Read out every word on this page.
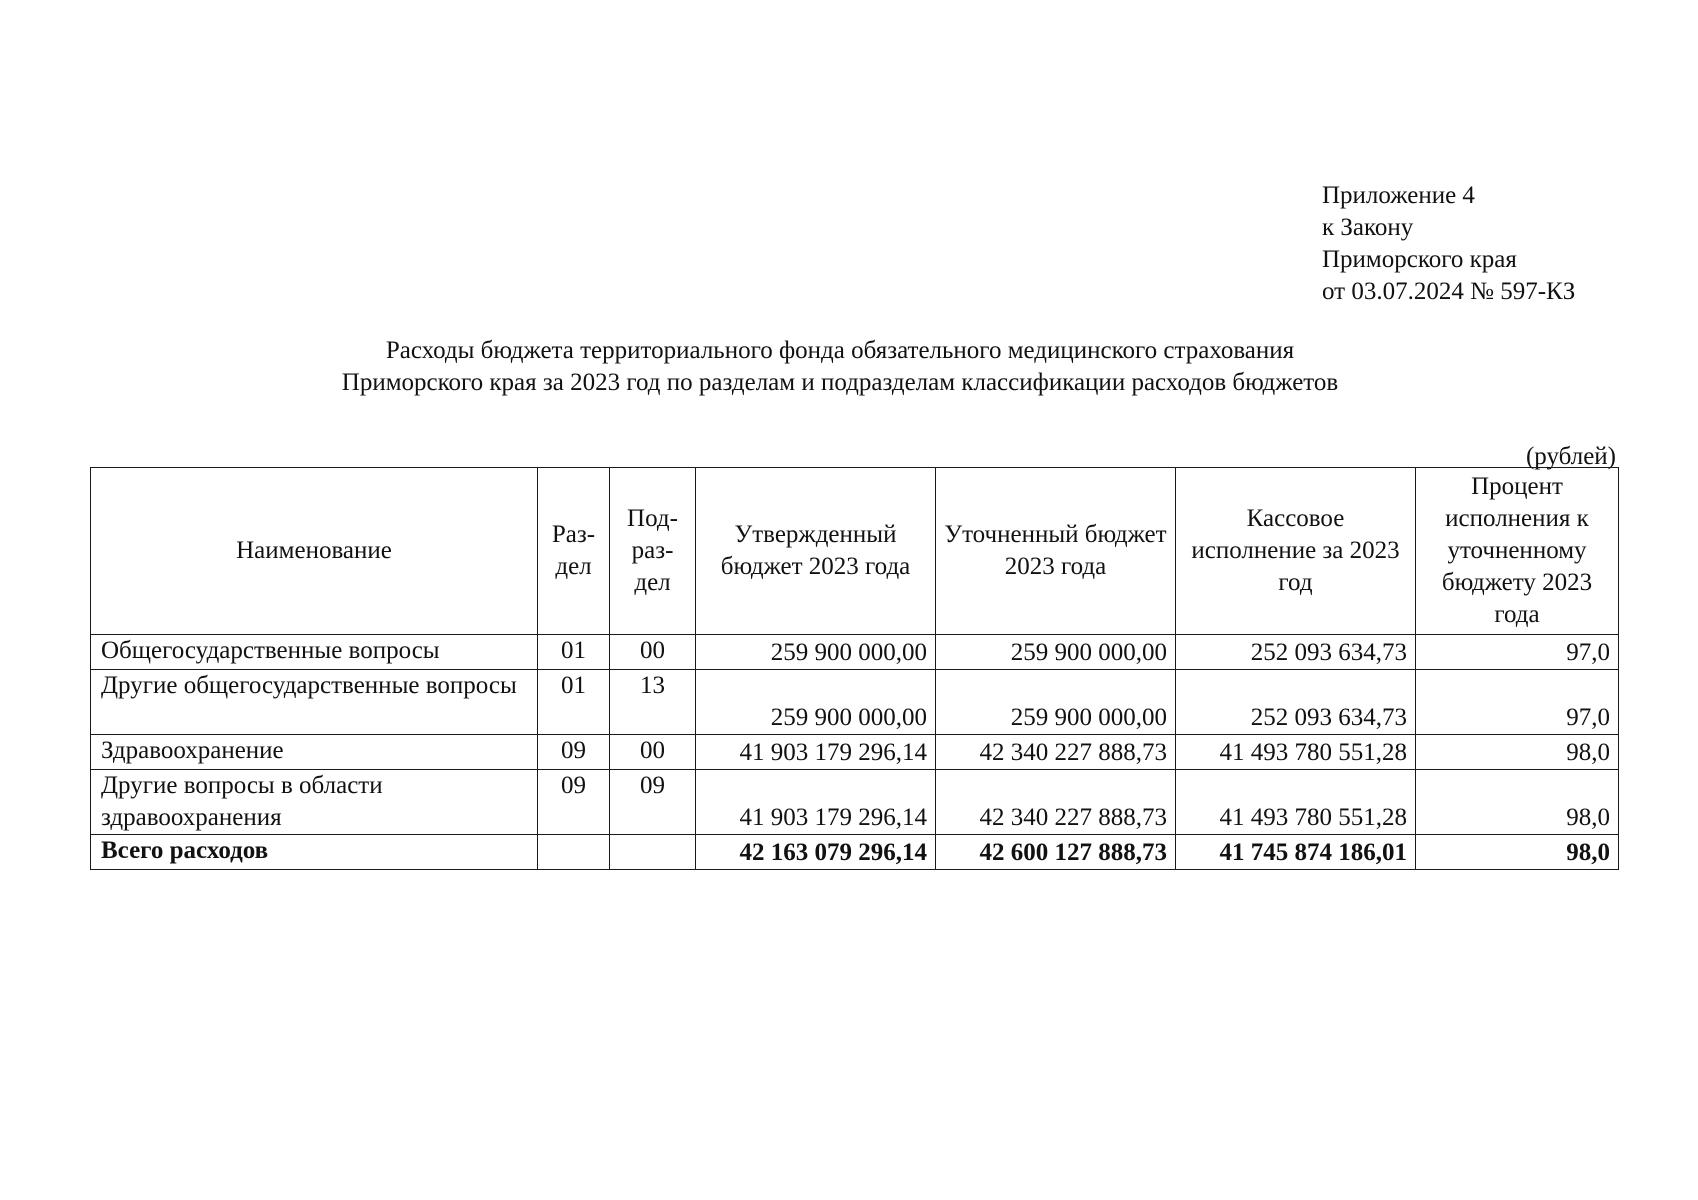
Приложение 4
к Закону
Приморского края
от 03.07.2024 № 597-КЗ
Расходы бюджета территориального фонда обязательного медицинского страхования
Приморского края за 2023 год по разделам и подразделам классификации расходов бюджетов
(рублей)
Наименование	Раз- дел	Под- раз- дел	Утвержденный бюджет 2023 года	Уточненный бюджет 2023 года	Кассовое исполнение за 2023 год	Процент исполнения к уточненному бюджету 2023 года
Общегосударственные вопросы	01	00	259 900 000,00	259 900 000,00	252 093 634,73	97,0
Другие общегосударственные вопросы	01	13	259 900 000,00	259 900 000,00	252 093 634,73	97,0
Здравоохранение	09	00	41 903 179 296,14	42 340 227 888,73	41 493 780 551,28	98,0
Другие вопросы в области здравоохранения	09	09	41 903 179 296,14	42 340 227 888,73	41 493 780 551,28	98,0
Всего расходов			42 163 079 296,14	42 600 127 888,73	41 745 874 186,01	98,0
